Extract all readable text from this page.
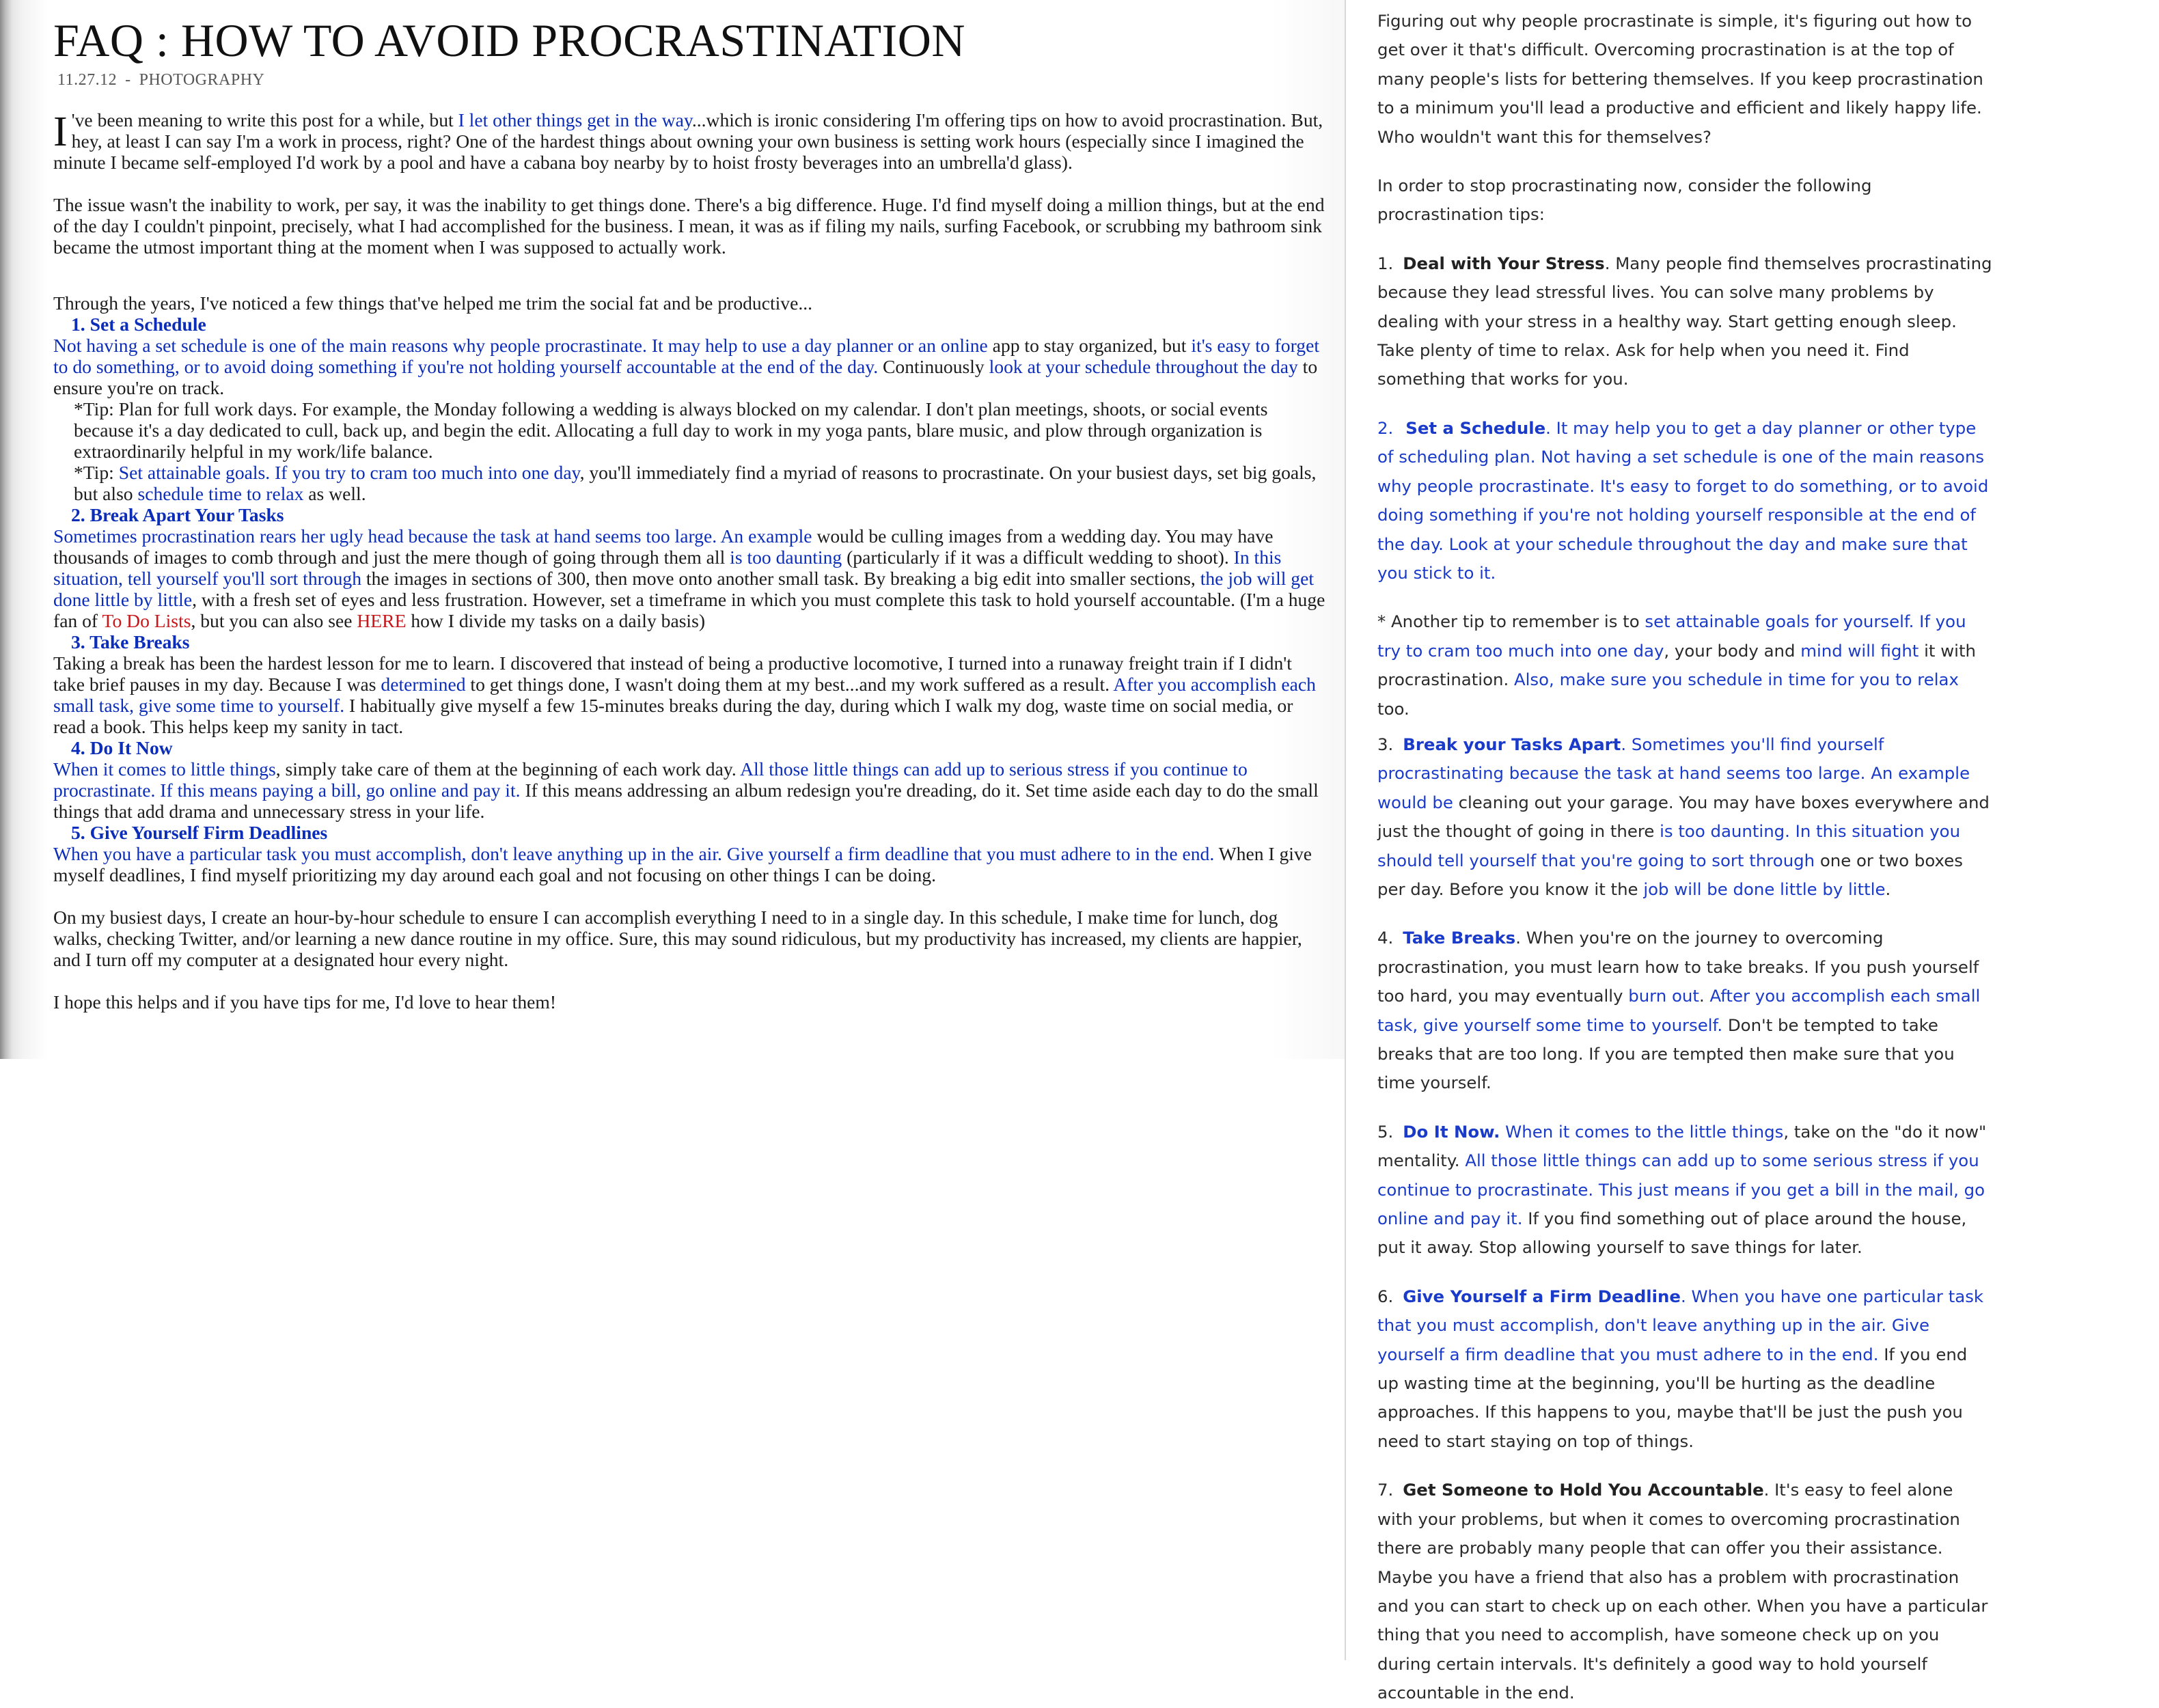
FAQ : HOW TO AVOID PROCRASTINATION
11.27.12 - PHOTOGRAPHY

I 've been meaning to write this post for a while, but I let other things get in the way...which is ironic considering I'm offering tips on how to avoid procrastination. But, hey, at least I can say I'm a work in process, right? One of the hardest things about owning your own business is setting work hours (especially since I imagined the minute I became self-employed I'd work by a pool and have a cabana boy nearby by to hoist frosty beverages into an umbrella'd glass).

The issue wasn't the inability to work, per say, it was the inability to get things done. There's a big difference. Huge. I'd find myself doing a million things, but at the end of the day I couldn't pinpoint, precisely, what I had accomplished for the business. I mean, it was as if filing my nails, surfing Facebook, or scrubbing my bathroom sink became the utmost important thing at the moment when I was supposed to actually work.

Through the years, I've noticed a few things that've helped me trim the social fat and be productive...

1. Set a Schedule

Not having a set schedule is one of the main reasons why people procrastinate. It may help to use a day planner or an online app to stay organized, but it's easy to forget to do something, or to avoid doing something if you're not holding yourself accountable at the end of the day. Continuously look at your schedule throughout the day to ensure you're on track.

*Tip: Plan for full work days. For example, the Monday following a wedding is always blocked on my calendar. I don't plan meetings, shoots, or social events because it's a day dedicated to cull, back up, and begin the edit. Allocating a full day to work in my yoga pants, blare music, and plow through organization is extraordinarily helpful in my work/life balance.

*Tip: Set attainable goals. If you try to cram too much into one day, you'll immediately find a myriad of reasons to procrastinate. On your busiest days, set big goals, but also schedule time to relax as well.

2. Break Apart Your Tasks

Sometimes procrastination rears her ugly head because the task at hand seems too large. An example would be culling images from a wedding day. You may have thousands of images to comb through and just the mere though of going through them all is too daunting (particularly if it was a difficult wedding to shoot). In this situation, tell yourself you'll sort through the images in sections of 300, then move onto another small task. By breaking a big edit into smaller sections, the job will get done little by little, with a fresh set of eyes and less frustration. However, set a timeframe in which you must complete this task to hold yourself accountable. (I'm a huge fan of To Do Lists, but you can also see HERE how I divide my tasks on a daily basis)

3. Take Breaks

Taking a break has been the hardest lesson for me to learn. I discovered that instead of being a productive locomotive, I turned into a runaway freight train if I didn't take brief pauses in my day. Because I was determined to get things done, I wasn't doing them at my best...and my work suffered as a result. After you accomplish each small task, give some time to yourself. I habitually give myself a few 15-minutes breaks during the day, during which I walk my dog, waste time on social media, or read a book. This helps keep my sanity in tact.

4. Do It Now

When it comes to little things, simply take care of them at the beginning of each work day. All those little things can add up to serious stress if you continue to procrastinate. If this means paying a bill, go online and pay it. If this means addressing an album redesign you're dreading, do it. Set time aside each day to do the small things that add drama and unnecessary stress in your life.

5. Give Yourself Firm Deadlines

When you have a particular task you must accomplish, don't leave anything up in the air. Give yourself a firm deadline that you must adhere to in the end. When I give myself deadlines, I find myself prioritizing my day around each goal and not focusing on other things I can be doing.

On my busiest days, I create an hour-by-hour schedule to ensure I can accomplish everything I need to in a single day. In this schedule, I make time for lunch, dog walks, checking Twitter, and/or learning a new dance routine in my office. Sure, this may sound ridiculous, but my productivity has increased, my clients are happier, and I turn off my computer at a designated hour every night.

I hope this helps and if you have tips for me, I'd love to hear them!

Figuring out why people procrastinate is simple, it's figuring out how to get over it that's difficult. Overcoming procrastination is at the top of many people's lists for bettering themselves. If you keep procrastination to a minimum you'll lead a productive and efficient and likely happy life. Who wouldn't want this for themselves?

In order to stop procrastinating now, consider the following procrastination tips:

1. Deal with Your Stress. Many people find themselves procrastinating because they lead stressful lives. You can solve many problems by dealing with your stress in a healthy way. Start getting enough sleep. Take plenty of time to relax. Ask for help when you need it. Find something that works for you.

2. Set a Schedule. It may help you to get a day planner or other type of scheduling plan. Not having a set schedule is one of the main reasons why people procrastinate. It's easy to forget to do something, or to avoid doing something if you're not holding yourself responsible at the end of the day. Look at your schedule throughout the day and make sure that you stick to it.

* Another tip to remember is to set attainable goals for yourself. If you try to cram too much into one day, your body and mind will fight it with procrastination. Also, make sure you schedule in time for you to relax too.

3. Break your Tasks Apart. Sometimes you'll find yourself procrastinating because the task at hand seems too large. An example would be cleaning out your garage. You may have boxes everywhere and just the thought of going in there is too daunting. In this situation you should tell yourself that you're going to sort through one or two boxes per day. Before you know it the job will be done little by little.

4. Take Breaks. When you're on the journey to overcoming procrastination, you must learn how to take breaks. If you push yourself too hard, you may eventually burn out. After you accomplish each small task, give yourself some time to yourself. Don't be tempted to take breaks that are too long. If you are tempted then make sure that you time yourself.

5. Do It Now. When it comes to the little things, take on the "do it now" mentality. All those little things can add up to some serious stress if you continue to procrastinate. This just means if you get a bill in the mail, go online and pay it. If you find something out of place around the house, put it away. Stop allowing yourself to save things for later.

6. Give Yourself a Firm Deadline. When you have one particular task that you must accomplish, don't leave anything up in the air. Give yourself a firm deadline that you must adhere to in the end. If you end up wasting time at the beginning, you'll be hurting as the deadline approaches. If this happens to you, maybe that'll be just the push you need to start staying on top of things.

7. Get Someone to Hold You Accountable. It's easy to feel alone with your problems, but when it comes to overcoming procrastination there are probably many people that can offer you their assistance. Maybe you have a friend that also has a problem with procrastination and you can start to check up on each other. When you have a particular thing that you need to accomplish, have someone check up on you during certain intervals. It's definitely a good way to hold yourself accountable in the end.
